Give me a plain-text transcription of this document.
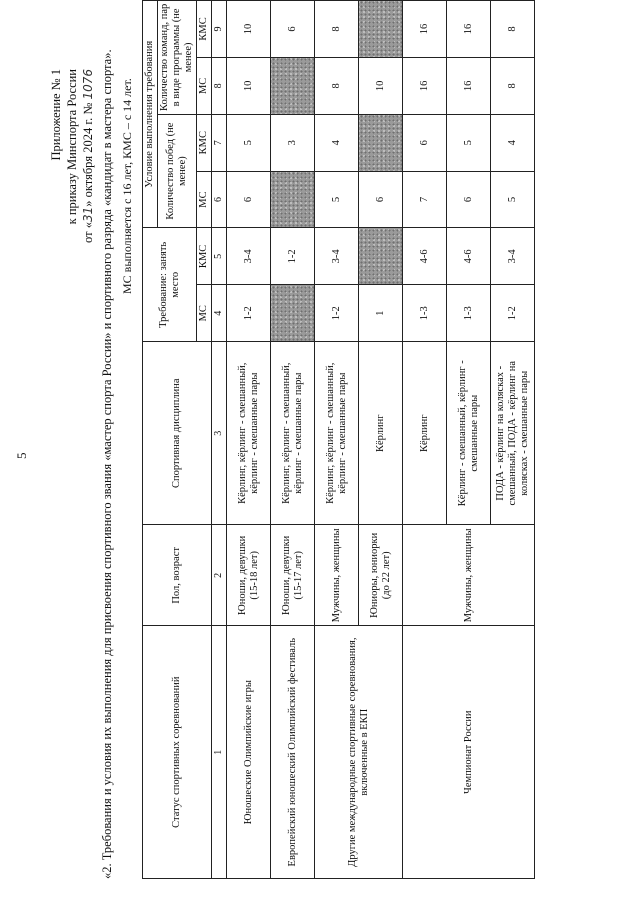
5
Приложение № 1 к приказу Минспорта России
от «31» октября 2024 г. № 1076 «2. Требования и условия их выполнения для присвоения спортивного звания «мастер спорта России» и спортивного разряда «кандидат в мастера спорта». МС выполняется с 16 лет, КМС – с 14 лет.
Статус спортивных соревнований	Пол, возраст	Спортивная дисциплина	Требование: занять место		Условие выполнения требования			
					Количество побед (не менее)		Количество команд, пар в виде программы (не менее)	
			МС	КМС	МС	КМС	МС	КМС
1	2	3	4	5	6	7	8	9
Юношеские Олимпийские игры	Юноши, девушки (15-18 лет)	Кёрлинг, кёрлинг - смешанный, кёрлинг - смешанные пары	1-2	3-4	6	5	10	10
Европейский юношеский Олимпийский фестиваль	Юноши, девушки (15-17 лет)	Кёрлинг, кёрлинг - смешанный, кёрлинг - смешанные пары		1-2		3		6
Другие международные спортивные соревнования, включенные в ЕКП	Мужчины, женщины	Кёрлинг, кёрлинг - смешанный, кёрлинг - смешанные пары	1-2	3-4	5	4	8	8
	Юниоры, юниорки (до 22 лет)	Кёрлинг	1		6		10	
Чемпионат России	Мужчины, женщины	Кёрлинг	1-3	4-6	7	6	16	16
		Кёрлинг - смешанный, кёрлинг - смешанные пары	1-3	4-6	6	5	16	16
		ПОДА - кёрлинг на колясках - смешанный, ПОДА - кёрлинг на колясках - смешанные пары	1-2	3-4	5	4	8	8
